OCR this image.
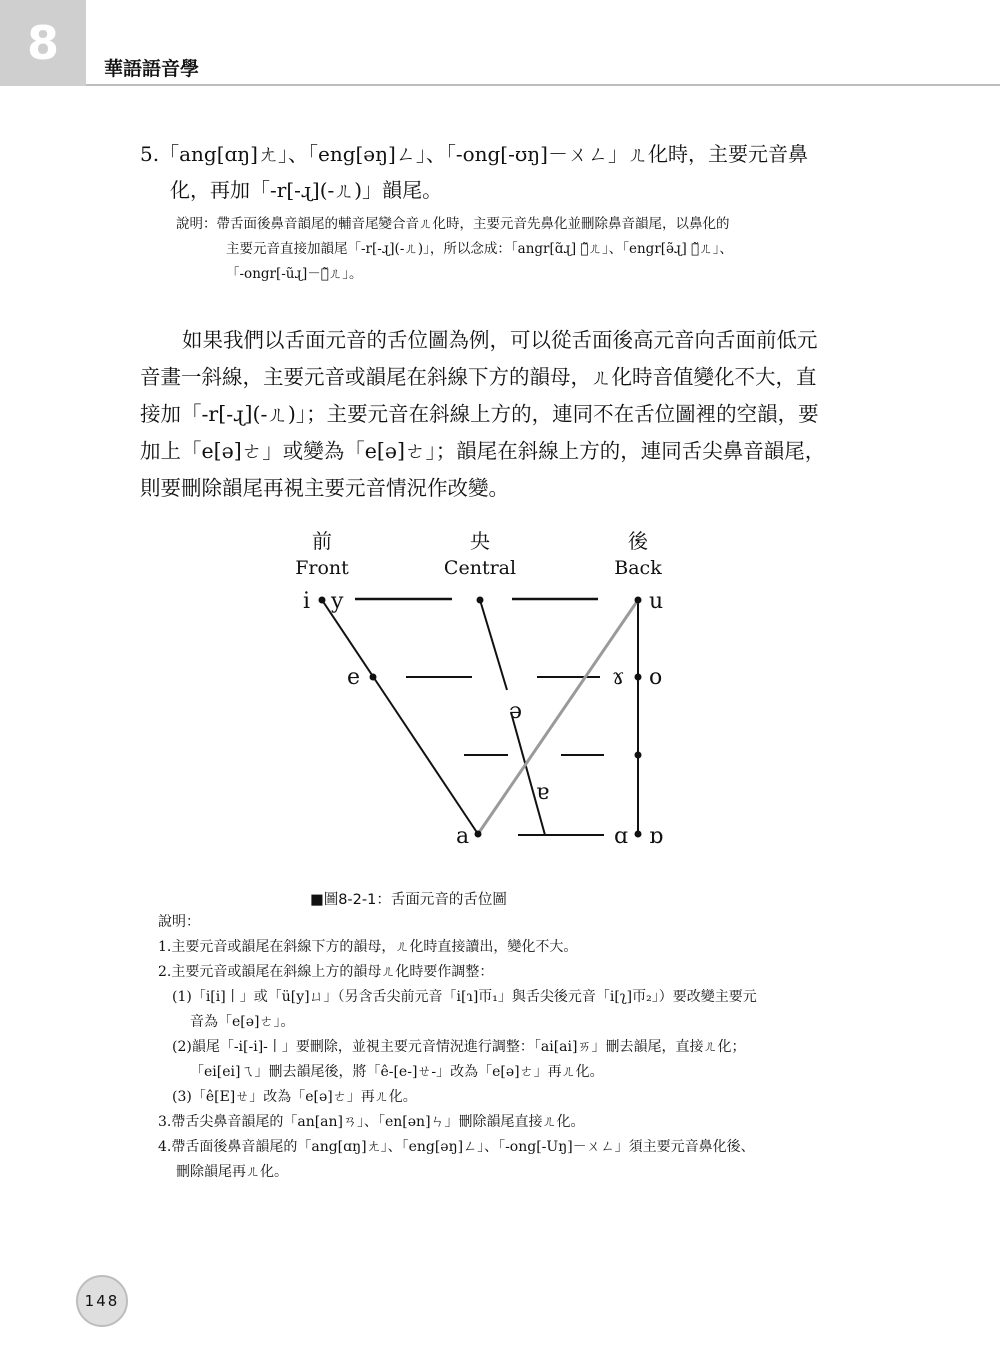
8 華語語音學
5.「ang[ɑŋ]ㄤ」、「eng[əŋ]ㄥ」、「-ong[-ʊŋ]－ㄨㄥ」ㄦ化時，主要元音鼻
化，再加「-r[-ɻ](-ㄦ)」韻尾。
說明：帶舌面後鼻音韻尾的輔音尾變合音ㄦ化時，主要元音先鼻化並刪除鼻音韻尾，以鼻化的
主要元音直接加韻尾「-r[-ɻ](-ㄦ)」，所以念成：「angr[ɑ̃ɻ] ㄚ̃ㄦ」、「engr[ə̃ɻ] ㄜ̃ㄦ」、
「-ongr[-ũɻ]－ㄨ̃ㄦ」。
如果我們以舌面元音的舌位圖為例，可以從舌面後高元音向舌面前低元
音畫一斜線，主要元音或韻尾在斜線下方的韻母，ㄦ化時音值變化不大，直
接加「-r[-ɻ](-ㄦ)」；主要元音在斜線上方的，連同不在舌位圖裡的空韻，要
加上「e[ə]ㄜ」或變為「e[ə]ㄜ」；韻尾在斜線上方的，連同舌尖鼻音韻尾，
則要刪除韻尾再視主要元音情況作改變。
前
Front
央
Central
後
Back
i y	u
e	ɤ o
ə
ɐ
a	ɑ ɒ
■圖8-2-1：舌面元音的舌位圖
說明：
1.主要元音或韻尾在斜線下方的韻母，ㄦ化時直接讀出，變化不大。
2.主要元音或韻尾在斜線上方的韻母ㄦ化時要作調整：
(1)「i[i]丨」或「ü[y]ㄩ」（另含舌尖前元音「i[ɿ]帀₁」與舌尖後元音「i[ʅ]帀₂」）要改變主要元
音為「e[ə]ㄜ」。
(2)韻尾「-i[-i]-丨」要刪除，並視主要元音情況進行調整：「ai[ai]ㄞ」刪去韻尾，直接ㄦ化；
「ei[ei]ㄟ」刪去韻尾後，將「ê-[e-]ㄝ-」改為「e[ə]ㄜ」再ㄦ化。
(3)「ê[E]ㄝ」改為「e[ə]ㄜ」再ㄦ化。
3.帶舌尖鼻音韻尾的「an[an]ㄢ」、「en[ən]ㄣ」刪除韻尾直接ㄦ化。
4.帶舌面後鼻音韻尾的「ang[ɑŋ]ㄤ」、「eng[əŋ]ㄥ」、「-ong[-Uŋ]－ㄨㄥ」須主要元音鼻化後、
刪除韻尾再ㄦ化。
148
